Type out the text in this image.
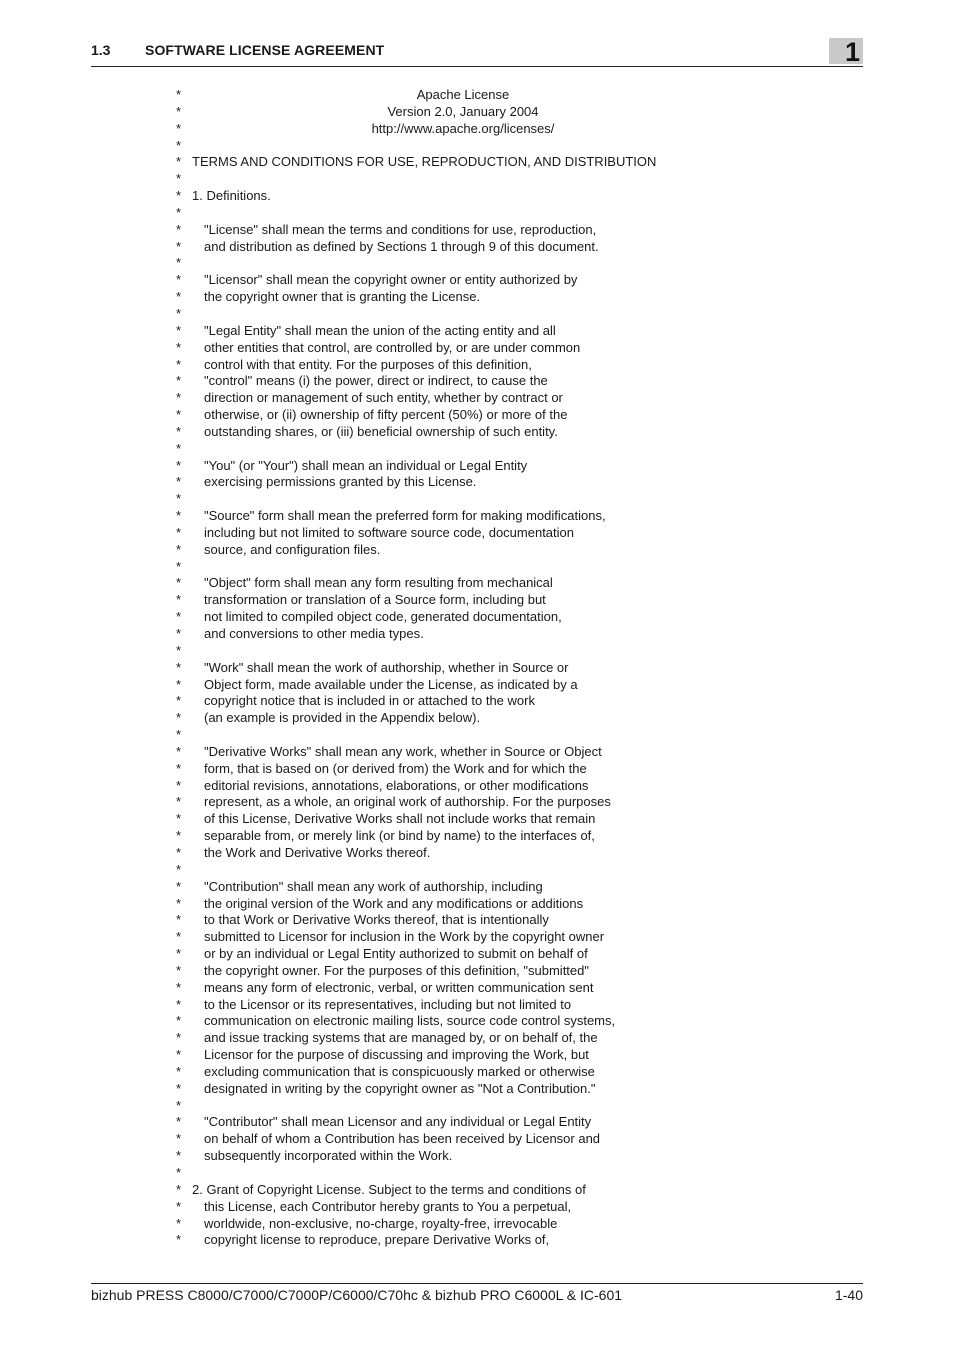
1.3 SOFTWARE LICENSE AGREEMENT	1
*	Apache License
*	Version 2.0, January 2004
*	http://www.apache.org/licenses/
*
* TERMS AND CONDITIONS FOR USE, REPRODUCTION, AND DISTRIBUTION
*
* 1. Definitions.
*
* "License" shall mean the terms and conditions for use, reproduction,
* and distribution as defined by Sections 1 through 9 of this document.
*
* "Licensor" shall mean the copyright owner or entity authorized by
* the copyright owner that is granting the License.
*
* "Legal Entity" shall mean the union of the acting entity and all
* other entities that control, are controlled by, or are under common
* control with that entity. For the purposes of this definition,
* "control" means (i) the power, direct or indirect, to cause the
* direction or management of such entity, whether by contract or
* otherwise, or (ii) ownership of fifty percent (50%) or more of the
* outstanding shares, or (iii) beneficial ownership of such entity.
*
* "You" (or "Your") shall mean an individual or Legal Entity
* exercising permissions granted by this License.
*
* "Source" form shall mean the preferred form for making modifications,
* including but not limited to software source code, documentation
* source, and configuration files.
*
* "Object" form shall mean any form resulting from mechanical
* transformation or translation of a Source form, including but
* not limited to compiled object code, generated documentation,
* and conversions to other media types.
*
* "Work" shall mean the work of authorship, whether in Source or
* Object form, made available under the License, as indicated by a
* copyright notice that is included in or attached to the work
* (an example is provided in the Appendix below).
*
* "Derivative Works" shall mean any work, whether in Source or Object
* form, that is based on (or derived from) the Work and for which the
* editorial revisions, annotations, elaborations, or other modifications
* represent, as a whole, an original work of authorship. For the purposes
* of this License, Derivative Works shall not include works that remain
* separable from, or merely link (or bind by name) to the interfaces of,
* the Work and Derivative Works thereof.
*
* "Contribution" shall mean any work of authorship, including
* the original version of the Work and any modifications or additions
* to that Work or Derivative Works thereof, that is intentionally
* submitted to Licensor for inclusion in the Work by the copyright owner
* or by an individual or Legal Entity authorized to submit on behalf of
* the copyright owner. For the purposes of this definition, "submitted"
* means any form of electronic, verbal, or written communication sent
* to the Licensor or its representatives, including but not limited to
* communication on electronic mailing lists, source code control systems,
* and issue tracking systems that are managed by, or on behalf of, the
* Licensor for the purpose of discussing and improving the Work, but
* excluding communication that is conspicuously marked or otherwise
* designated in writing by the copyright owner as "Not a Contribution."
*
* "Contributor" shall mean Licensor and any individual or Legal Entity
* on behalf of whom a Contribution has been received by Licensor and
* subsequently incorporated within the Work.
*
* 2. Grant of Copyright License. Subject to the terms and conditions of
* this License, each Contributor hereby grants to You a perpetual,
* worldwide, non-exclusive, no-charge, royalty-free, irrevocable
* copyright license to reproduce, prepare Derivative Works of,
bizhub PRESS C8000/C7000/C7000P/C6000/C70hc & bizhub PRO C6000L & IC-601	1-40
